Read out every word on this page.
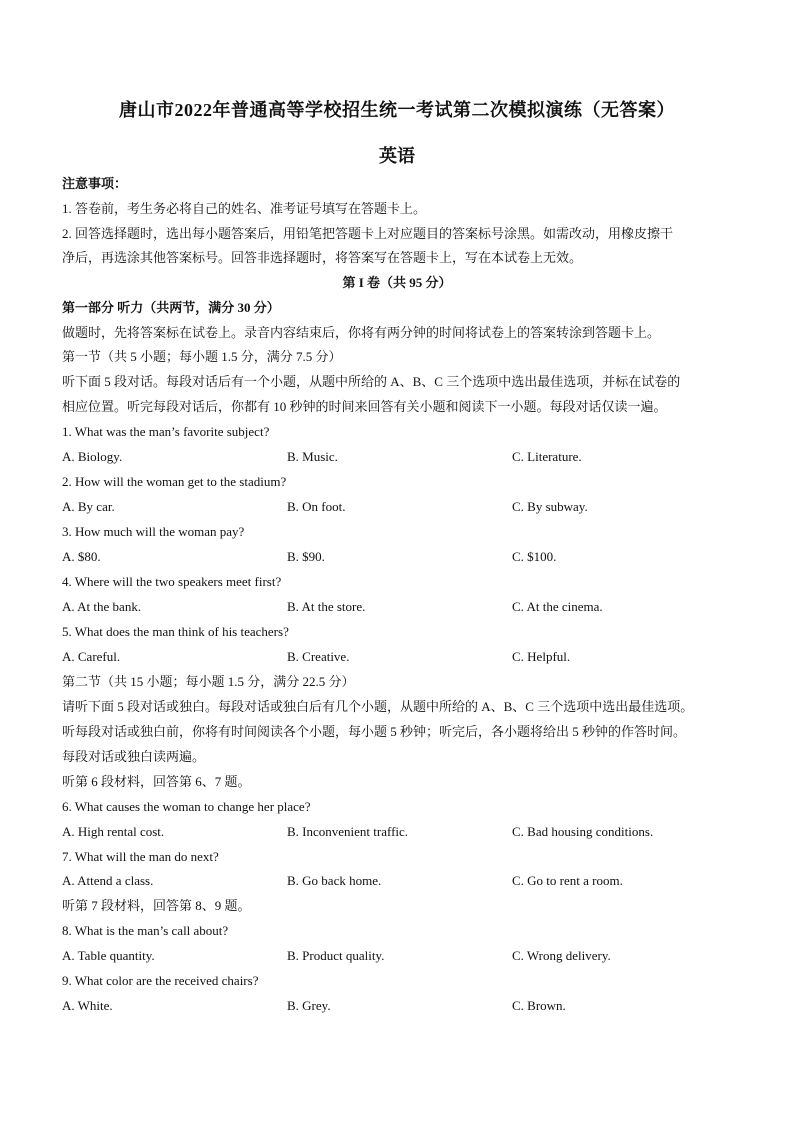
唐山市2022年普通高等学校招生统一考试第二次模拟演练（无答案）
英语
注意事项：
1. 答卷前，考生务必将自己的姓名、准考证号填写在答题卡上。
2. 回答选择题时，选出每小题答案后，用铅笔把答题卡上对应题目的答案标号涂黑。如需改动，用橡皮擦干
净后，再选涂其他答案标号。回答非选择题时，将答案写在答题卡上，写在本试卷上无效。
第 I 卷（共 95 分）
第一部分 听力（共两节，满分 30 分）
做题时，先将答案标在试卷上。录音内容结束后，你将有两分钟的时间将试卷上的答案转涂到答题卡上。
第一节（共 5 小题；每小题 1.5 分，满分 7.5 分）
听下面 5 段对话。每段对话后有一个小题，从题中所给的 A、B、C 三个选项中选出最佳选项，并标在试卷的
相应位置。听完每段对话后，你都有 10 秒钟的时间来回答有关小题和阅读下一小题。每段对话仅读一遍。
1. What was the man’s favorite subject?
A. Biology.	B. Music.	C. Literature.
2. How will the woman get to the stadium?
A. By car.	B. On foot.	C. By subway.
3. How much will the woman pay?
A. $80.	B. $90.	C. $100.
4. Where will the two speakers meet first?
A. At the bank.	B. At the store.	C. At the cinema.
5. What does the man think of his teachers?
A. Careful.	B. Creative.	C. Helpful.
第二节（共 15 小题；每小题 1.5 分，满分 22.5 分）
请听下面 5 段对话或独白。每段对话或独白后有几个小题，从题中所给的 A、B、C 三个选项中选出最佳选项。
听每段对话或独白前，你将有时间阅读各个小题，每小题 5 秒钟；听完后，各小题将给出 5 秒钟的作答时间。
每段对话或独白读两遍。
听第 6 段材料，回答第 6、7 题。
6. What causes the woman to change her place?
A. High rental cost.	B. Inconvenient traffic.	C. Bad housing conditions.
7. What will the man do next?
A. Attend a class.	B. Go back home.	C. Go to rent a room.
听第 7 段材料，回答第 8、9 题。
8. What is the man’s call about?
A. Table quantity.	B. Product quality.	C. Wrong delivery.
9. What color are the received chairs?
A. White.	B. Grey.	C. Brown.
